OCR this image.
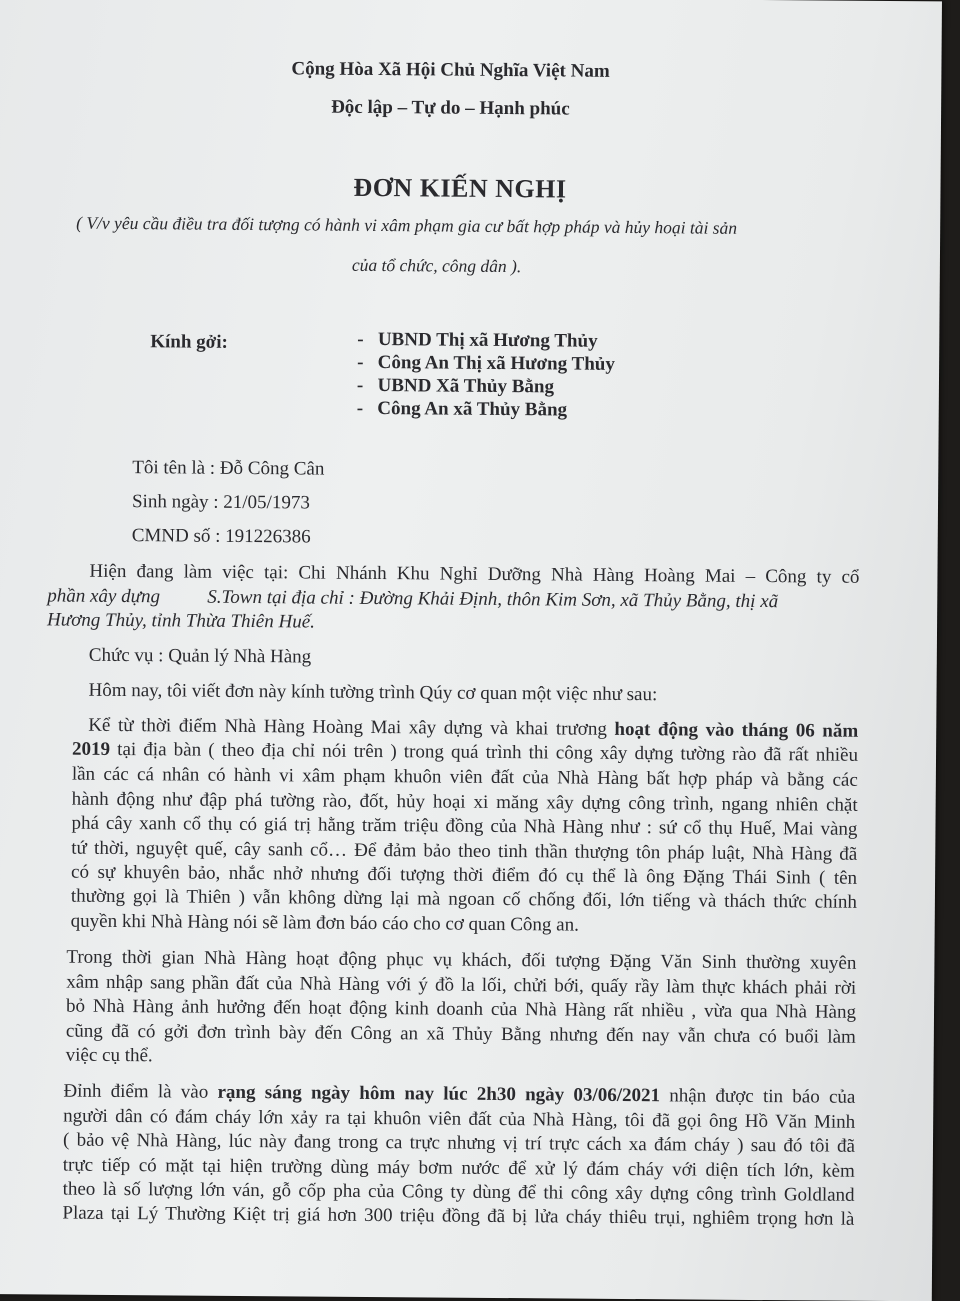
Cộng Hòa Xã Hội Chủ Nghĩa Việt Nam
Độc lập – Tự do – Hạnh phúc
ĐƠN KIẾN NGHỊ
( V/v yêu cầu điều tra đối tượng có hành vi xâm phạm gia cư bất hợp pháp và hủy hoại tài sản
của tổ chức, công dân ).
Kính gởi:	-   UBND Thị xã Hương Thủy
-   Công An Thị xã Hương Thủy
-   UBND Xã Thủy Bằng
-   Công An xã Thủy Bằng
Tôi tên là : Đỗ Công Cân
Sinh ngày : 21/05/1973
CMND số : 191226386
Hiện đang làm việc tại: Chi Nhánh Khu Nghỉ Dưỡng Nhà Hàng Hoàng Mai – Công ty cổ
phần xây dựng S.Town tại địa chỉ : Đường Khải Định, thôn Kim Sơn, xã Thủy Bằng, thị xã
Hương Thủy, tỉnh Thừa Thiên Huế.
Chức vụ : Quản lý Nhà Hàng
Hôm nay, tôi viết đơn này kính tường trình Qúy cơ quan một việc như sau:
Kể từ thời điểm Nhà Hàng Hoàng Mai xây dựng và khai trương hoạt động vào tháng 06 năm
2019 tại địa bàn ( theo địa chỉ nói trên ) trong quá trình thi công xây dựng tường rào đã rất nhiều
lần các cá nhân có hành vi xâm phạm khuôn viên đất của Nhà Hàng bất hợp pháp và bằng các
hành động như đập phá tường rào, đốt, hủy hoại xi măng xây dựng công trình, ngang nhiên chặt
phá cây xanh cổ thụ có giá trị hằng trăm triệu đồng của Nhà Hàng như : sứ cổ thụ Huế, Mai vàng
tứ thời, nguyệt quế, cây sanh cổ… Để đảm bảo theo tinh thần thượng tôn pháp luật, Nhà Hàng đã
có sự khuyên bảo, nhắc nhở nhưng đối tượng thời điểm đó cụ thể là ông Đặng Thái Sinh ( tên
thường gọi là Thiên ) vẫn không dừng lại mà ngoan cố chống đối, lớn tiếng và thách thức chính
quyền khi Nhà Hàng nói sẽ làm đơn báo cáo cho cơ quan Công an.
Trong thời gian Nhà Hàng hoạt động phục vụ khách, đối tượng Đặng Văn Sinh thường xuyên
xâm nhập sang phần đất của Nhà Hàng với ý đồ la lối, chửi bới, quấy rầy làm thực khách phải rời
bỏ Nhà Hàng ảnh hưởng đến hoạt động kinh doanh của Nhà Hàng rất nhiều , vừa qua Nhà Hàng
cũng đã có gởi đơn trình bày đến Công an xã Thủy Bằng nhưng đến nay vẫn chưa có buổi làm
việc cụ thể.
Đỉnh điểm là vào rạng sáng ngày hôm nay lúc 2h30 ngày 03/06/2021 nhận được tin báo của
người dân có đám cháy lớn xảy ra tại khuôn viên đất của Nhà Hàng, tôi đã gọi ông Hồ Văn Minh
( bảo vệ Nhà Hàng, lúc này đang trong ca trực nhưng vị trí trực cách xa đám cháy ) sau đó tôi đã
trực tiếp có mặt tại hiện trường dùng máy bơm nước để xử lý đám cháy với diện tích lớn, kèm
theo là số lượng lớn ván, gỗ cốp pha của Công ty dùng để thi công xây dựng công trình Goldland
Plaza tại Lý Thường Kiệt trị giá hơn 300 triệu đồng đã bị lửa cháy thiêu trụi, nghiêm trọng hơn là
